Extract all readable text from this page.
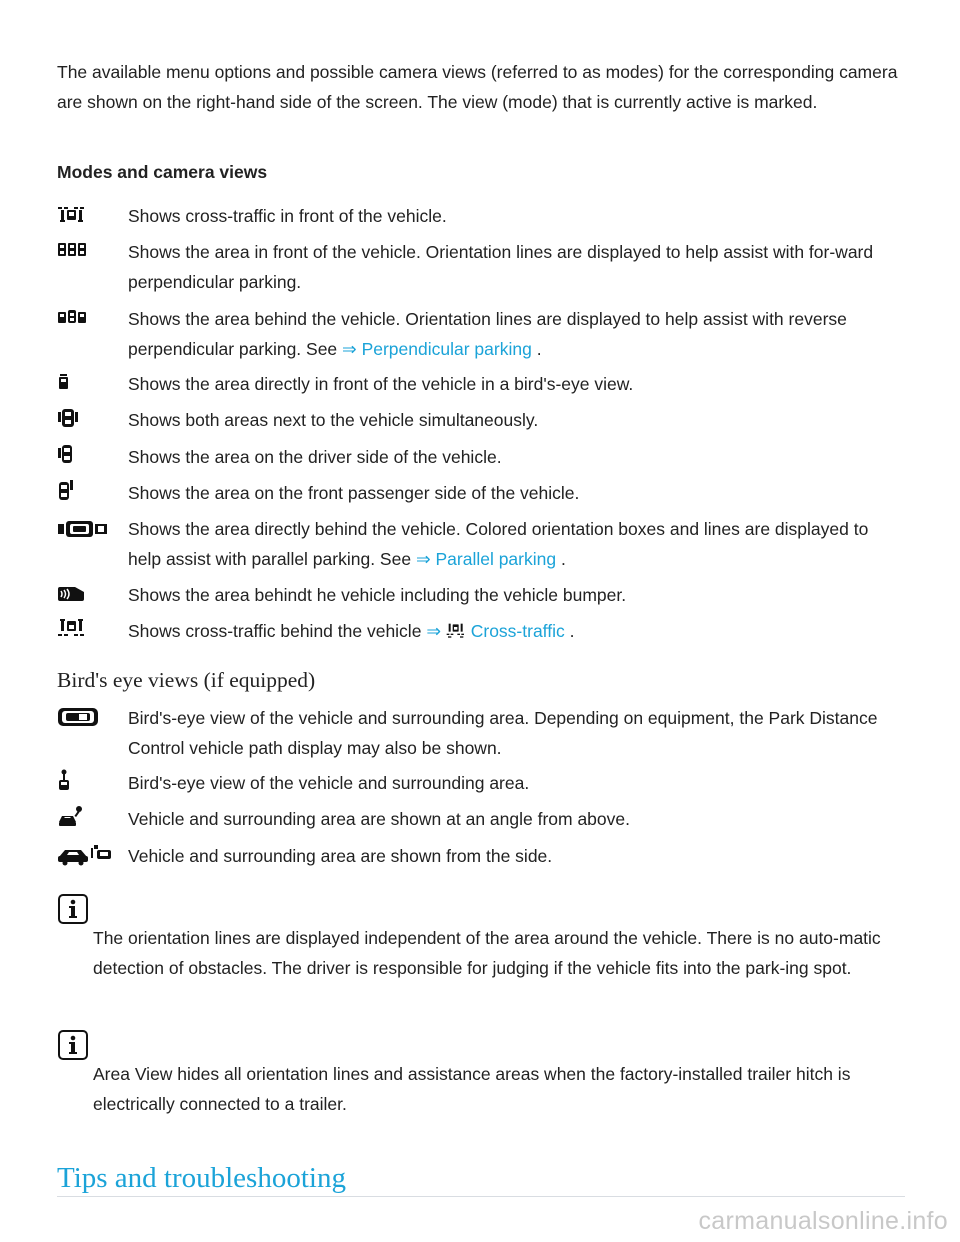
The available menu options and possible camera views (referred to as modes) for the corresponding camera are shown on the right-hand side of the screen. The view (mode) that is currently active is marked.

Modes and camera views

Shows cross-traffic in front of the vehicle.
Shows the area in front of the vehicle. Orientation lines are displayed to help assist with for-ward perpendicular parking.
Shows the area behind the vehicle. Orientation lines are displayed to help assist with reverse perpendicular parking. See ⇒ Perpendicular parking .
Shows the area directly in front of the vehicle in a bird's-eye view.
Shows both areas next to the vehicle simultaneously.
Shows the area on the driver side of the vehicle.
Shows the area on the front passenger side of the vehicle.
Shows the area directly behind the vehicle. Colored orientation boxes and lines are displayed to help assist with parallel parking. See ⇒ Parallel parking .
Shows the area behindt he vehicle including the vehicle bumper.
Shows cross-traffic behind the vehicle ⇒ Cross-traffic .

Bird's eye views (if equipped)

Bird's-eye view of the vehicle and surrounding area. Depending on equipment, the Park Distance Control vehicle path display may also be shown.
Bird's-eye view of the vehicle and surrounding area.
Vehicle and surrounding area are shown at an angle from above.
Vehicle and surrounding area are shown from the side.
The orientation lines are displayed independent of the area around the vehicle. There is no auto-matic detection of obstacles. The driver is responsible for judging if the vehicle fits into the park-ing spot.
Area View hides all orientation lines and assistance areas when the factory-installed trailer hitch is electrically connected to a trailer.
Tips and troubleshooting
carmanualsonline.info
